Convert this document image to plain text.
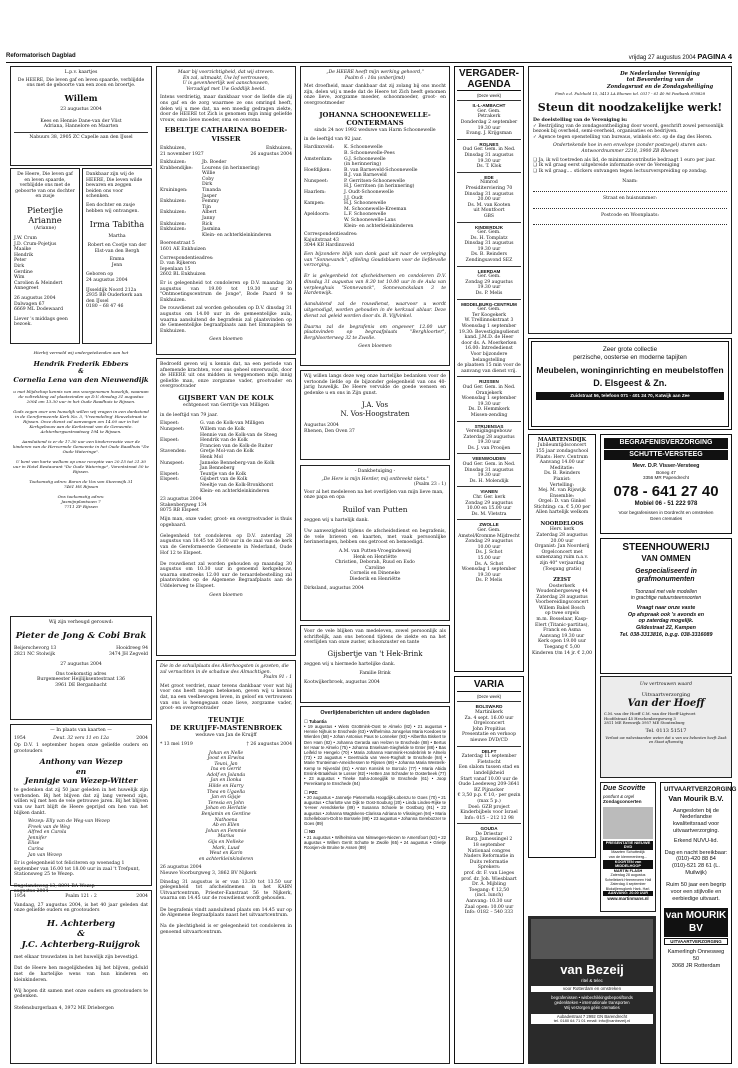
Reformatorisch Dagblad	vrijdag 27 augustus 2004 PAGINA 4
L.p.v. kaartjes
De HEERE, Die leven gaf en leven spaarde, verblijdde ons met de geboorte van een zoon en broertje.
Willem
23 augustus 2004
Kees en Hennie Dane-van der Vlist
Adriana, Hannelore en Maarten
Nabuurs 38, 2905 ZC Capelle aan den IJssel
De Heere, Die leven gaf en leven spaarde, verblijdde ons met de geboorte van ons dochter en zusje
Pieterjie Arianne
(Arianne)
J.W. Crum
J.D. Crum-Pojetjus
Maaike
Hendrik
Peter
Dirk
Gerdine
Wim
Carolien & Meindert
Annegreet
26 augustus 2004
Dalwagen 67
6669 ML Dodewaard
Liever 's middags geen bezoek.
Dankbaar zijn wij de HEERE, Die leven wilde bewaren en zeggen beiden ons voor schenken.
Een dochter en zusje hebben wij ontvangen.
Irma Tabitha
Martha
Robert en Cootje van der Elst-van den Bergh
Emma
Jenn
Geboren op
24 augustus 2004
IJsseldijk Noord 212a
2935 BB Ouderkerk aan den IJssel
0180 – 68 47 46
Hierbij vermeld wij ondergetekenden aan het
Hendrik Frederik Ebbers
&
Cornelia Lena van den Nieuwendijk
u met blijdschap kennis van ons voorgenomen huwelijk, waaraan de voltrekking zal plaatsvinden op D.V. dinsdag 31 augustus 2004 om 13.30 uur in het Oude Raadhuis te Rijssen.

Gods zegen over ons huwelijk willen wij vragen in een dankstond in de Gereformeerde Kerk No. 3, 'Vreemdeling' Heuvelstraat te Rijssen. Onze dienst zal aanvangen om 14.00 uur in het Kerkgebouw aan de Kerkstraat van de Gemeente. Achterbergsestraatweg 194 te Rijssen.

Aansluitend is er de 17.30 uur een kindercreatie voor de kinderen van de Hervormde Gemeente in het Oude Raadhuis "De Oude Wateringe".

U bent van harte welkom op onze receptie van 20.15 tot 21.30 uur in Hotel Restaurant "De Oude Wateringe", Vorentstraat 50 te Rijssen.

Toekomstig adres: Baron de Vos van Steenwijk 31
7461 HS Rijssen

Ons toekomstig adres:
Jasmijnplantsoen 7
7711 ZP Rijssen
Wij zijn verheugd gerouwd:
Pieter de Jong & Cobi Brak
Beijerschevorg 13
2821 NC Stolwijk
Hooidreeg 94
3474 JH Zegveld
27 augustus 2004
Ons toekomstig adres
Burgemeester Heijlijksentestraat 136
3961 DE Berganhacht
— In plaats van kaarten —
1954	Deut. 32 vers 11 en 12a	2004
Op D.V. 1 september hopen onze geliefde ouders en grootouders
Anthony van Wezep
en
Jennigje van Wezep-Witter
te gedenken dat zij 50 jaar geleden in het huwelijk zijn verbonden. Bij het blijven dat zij lang vereend zijn, willen wij met hen de vele getrouwe jaren. Bij het blijven van uw hart blijft de Heere geprijsd om hen van het blijken dankt.
Wezep: Elly van de Weg-van Wezep
Freek van de Weg
Alfred en Carola
Jennifer
Elise
Carina
Jan van Wezep
Er is gelegenheid tot feliciteren op woensdag 1 september van 16.00 tot 18.00 uur in zaal 't Trefpunt, Stationsweg 25 te Wezep.

Engelandsweg 13, 8091 BA Wezep
augustus 2004
1954	Psalm 121 : 2	2004
Vandaag, 27 augustus 2004, is het 40 jaar geleden dat onze geliefde ouders en grootouders
H. Achterberg
&
J.C. Achterberg-Ruijgrok
met elkaar trouwdaten in het huwelijk zijn bevestigd.

Dat de Heere hen mogelijkheden bij het blijven, geduld met de hartelijke wens van hun kinderen en kleinkinderen.

Wij hopen dit samen met onze ouders en grootouders te gedenken.

Stefensburgerlaan 4, 3972 ME Driebergen
Maar bij voorzichtigheid, dat wij streven.
En zal, uitmaakt, Uw lof vertrouwen,
U is gevenheerlijk wel aanschouwen,
Verzadigd met Uw Goddlijk beeld.
Intens verdrietig, maar dankbaar voor de liefde die zij ons gaf en de zorg waarmee ze ons omringd heeft, delen wij u mee dat, na een moedig gedragen ziekte, door de HEERE tot Zich is genomen mijn innig geliefde vrouw, onze lieve moeder, oma en overoma
EBELTJE CATHARINA BOEDER-VISSER
Enkhuizen,
21 november 1927
Enkhuizen,
26 augustus 2004
Enkhuizen:	Jb. Boeder
Krabbendijke:	Lourens (in herinnering)
Willie
Coby
Dirk
Kruiningen:	Tinanda
Jasper
Enkhuizen:	Femmy
Tijn
Enkhuizen:	Albert
Janny
Enkhuizen:	Rick
Enkhuizen:	Jasmina
Klein- en achterkleinkinderen
Boerenstraat 5
1601 AE Enkhuizen
Correspondentieadres:
D. van Rijkeren
Iepenlaan 15
2602 BL Enkhuizen
Er is gelegenheid tot condoleren op D.V. maandag 30 augustus van 19.00 tot 19.30 uur in "Ontmoetingscentrum de Jonge", Bode Paard 9 te Enkhuizen.
De rouwdienst zal worden gehouden op D.V. dinsdag 31 augustus om 14.00 uur in de gemeentelijke aula, waarna aansluitend de begrafenis zal plaatsvinden op de Gemeentelijke begraafplaats aan het Emmaplein te Enkhuizen.
Geen bloemen
Bedroefd geven wij u kennis dat, na een periode van afnemende krachten, voor ons geheel onverwacht, door de HEERE uit ons midden is weggenomen mijn innig geliefde man, onze zorgzame vader, grootvader en overgrootvader
GIJSBERT VAN DE KOLK
echtgenoot van Gerritje van Milligen
in de leeftijd van 79 jaar.
Elspeet:	G. van de Kolk-van Milligen
Nunspeet:	Willem van de Kolk
Hennie van de Kolk-van de Steeg
Elspeet:	Hendrik van de Kolk
Francien van de Kolk-de Ruiter
Stavenden:	Gretje Mol-van de Kolk
Henk Mol
Nunspeet:	Janneke Benneberg-van de Kolk
Jan Benneberg
Elspeet:	Teuntje van de Kolk
Elspeet:	Gijsbert van de Kolk
Neeltje van de Kolk-Bronkhorst
Klein- en achterkleinkinderen
23 augustus 2004
Stakenbergweg 134
8075 RB Elspeet
Mijn man, onze vader, groot- en overgrootvader is thuis opgebaard.

Gelegenheid tot condoleren op D.V. zaterdag 28 augustus van 18.45 tot 20.00 uur in de zaal van de kerk van de Gereformeerde Gemeente in Nederland, Oude Hof 12 te Elspeet.

De rouwdienst zal worden gehouden op maandag 30 augustus om 10.30 uur in genoemd kerkgebouw, waarna omstreeks 12.00 uur de teraardebestelling zal plaatsvinden op de Algemene Begraafplaats aan de Uddelerweg te Elspeet.
Geen bloemen
Die in de schuilplaats des Allerhoogsten is gezeten, die zal vernachten in de schaduw des Almachtigen.
Psalm 91 : 1
Met groot verdriet, maar tevens dankbaar voor wat hij voor ons heeft mogen betekenen, geven wij u kennis dat, na een veelbewogen leven, in geloof en vertrouwen van ons is heengegaan onze lieve, zorgzame vader, groot- en overgrootvader
TEUNTJE
DE KRUIJFF-MASTENBROEK
weduwe van Jan de Kruijff
* 13 mei 1919	† 26 augustus 2004
Johan en Nelle
Joost en Erwina
Teuni, Jan
Ina en Gerrit
Adolf en Jolanda
Jan en Ilonka
Hilde en Harry
Thea en Ugaella
Jan en Gijsje
Teresia en John
Johan en Herlatie
Benjamin en Gerdine
Nathoena
Ab en Ellen
Johan en Femmie
Marius
Gijs en Nelleke
Mark, Luud
Weut en Karin
en achterkleinkinderen
26 augustus 2004
Nieuwe Voorburgweg 3, 3862 BV Nijkerk
Dinsdag 31 augustus is er van 13.30 tot 13.50 uur gelegenheid tot afscheidnemen in het KABN Uitvaartcentrum, Priester-Eanstraat 56 te Nijkerk, waarna om 14.45 uur de rouwdienst wordt gehouden.

De begrafenis vindt aansluitend plaats om 14.45 uur op de Algemene Begraafplaats naast het uitvaartcentrum.

Na de plechtigheid is er gelegenheid tot condoleren in genoemd uitvaartcentrum.
„De HEERE heeft mijn werking gehoord,"
Psalm 6 : 10a (onberijmd)
Met droefheid, maar dankbaar dat zij zolang bij ons mocht zijn, delen wij u mede dat de Heere tot Zich heeft genomen onze lieve, zorgzame moeder, schoonmoeder, groot- en overgrootmoeder
JOHANNA SCHOONEWELLE-CONTERMANS
sinds 24 nov 1992 weduwe van Harm Schoonewelle
in de leeftijd van 92 jaar.
Hardinxveld:	K. Schoonewelle
B. Schoonewelle-Pees
Amsterdam:	G.J. Schoonewelle
(in herinnering)
Hoefdijken:	B. van Barneveld-Schoonewelle
B.J. van Barneveld
Nunspeet:	P. Gerritsen-Schoonewelle
H.J. Gerritsen (in herinnering)
Haarlem:	J. Oudt-Schoonewelle
J.J. Oudt
Kampen:	H.J. Schoonewelle
M. Schoonewelle-Kreeman
Apeldoorn:	L.F. Schoonewelle
W. Schoonewelle-Lans
Klein- en achterkleinkinderen
Correspondentieadres:
Kajuitstraat 43
3044 KB Hardinxveld
Een bijzondere blijk van dank gaat uit naar de verpleging van "Sonnevanck", afdeling Goudsblaem voor de liefdevolle verzorging.

Er is gelegenheid tot afscheidnemen en condoleren D.V. dinsdag 31 augustus van 8.30 tot 10.00 uur in de Aula van verpleeghuis "Sonnevanck", Sonnevanckslaan 3 te Hardenwijk.

Aansluitend zal de rouwdienst, waarvoor u wordt uitgenodigd, worden gehouden in de kerkzaal ablaar. Deze dienst zal geleid worden door ds. B. Vijfvinkel.

Daarna zal de begrafenis om ongeveer 12.00 uur plaatsvinden op begraafplaats "Berghloorter", Berghloorterweg 32 te Zwolle.
Geen bloemen
Wij willen langs deze weg onze hartelijke bedanken voor de vertoonde liefde op de bijzonder gelegenheid van ons 40-jarig huwelijk. De Heere vervulde de goede wensen en gedenke u en ons in Zijn gunst.
J.A. Vos
N. Vos-Hoogstraten
Augustus 2004
Rhenen, Den Oven 37
- Dankbetuiging -
„De Here is mijn Herder, mij ontbreekt niets."
(Psalm 23 : 1)
Voor al het medeleven na het overlijden van mijn lieve man, onze papa en opa
Ruilof van Putten
zeggen wij u hartelijk dank.

Uw aanwezigheid tijdens de afscheidsdienst en begrafenis, de vele brieven en kaarten, met vaak persoonlijke herinneringen, hebben ons getroost en bemoedigd.
A.M. van Putten-Vroegindeweij
Henk en Henriëtte
Christien, Deborah, Ruud en Esdo
Caroline
Cornelis en Dineneke
Diederik en Henriëtte
Dirksland, augustus 2004
Voor de vele blijken van medeleven, zowel persoonlijk als schriftelijk, aan ons betoond tijdens de ziekte en na het overlijden van onze zuster, schoonzuster en tante
Gijsbertje van 't Hek-Brink
zeggen wij u hiermede hartelijke dank.
Familie Brink
Kootwijkerbroek, augustus 2004
Overlijdensberichten uit andere dagbladen
☐ Tubantia
• 19 augustus • Wiets Grottmink-Oost te Almelo (82) • 21 augustus • Hennie Nijhuis te Enschede (63) • Wilhelmina Jonsgelus Maria Koedoes te Wierden (58) • Johan Antonius Paus te Lonneker (93) • Albertha Biskert te Den Ham (82) • Johanna Gerarda van Helzen te Enschede (88) • Bertus ter Haar te Almelo (75) • Johanna Enselsam-Sieghelde te Enter (88) • Bas Leifeld te Hengelo (70) • Maria Johanna Hammink-Hondebrink te Almelo (73) • 22 augustus • Geertruida van Veen-Rogholt te Enschede (84) • Marie Trunteiman-Ameichessen te Rijssen (69) • Johanna Maria Westerik-Kemp te Nijverdal (81) • Anton Konsink te Borculo (77) • Maria Abida Ensink-Braakhuis te Losser (82) • Hetten Jan Schrader te Oosterbeek (77) • 23 augustus • Tineke Saha-Jonegijlik te Enschede (61) • Joop Perenkamp te Enschede (84)
☐ PZC
• 20 augustus • Jannetje Pietermella Hoogdijk-Lobenzu te Goes (70) • 21 augustus • Charlotte van Dijk te Oost-Souburg (20) • Linda Lindes-Rijke te 's-Heer Arendskerke (89) • Susanna Schoele te Oostburg (91) • 22 augustus • Johanna Wagtskens-Clarissa Adriana te Vlissingen (94) • Maria Schelleboom-Dolt te Borssele (88) • 23 augustus • Johanna Gerebozzer te Goes (89)
☐ ND
• 21 augustus • Wilhelmina van Nimwegen-Niezen te Amersfoort (62) • 22 augustus • Willem Gerrit Schutte te Zwolle (65) • 24 augustus • Grietje Roosjen-de Bruine te Assen (89)
VERGADER-
AGENDA
(Deze week)
II.-L-AMBACHT
Ger. Gem.
Petrakerk
Donderdag 2 september
19.30 uur
Evang. J. Krijgsman
ROLNES
Oud Ger. Gem. in Ned.
Dinsdag 31 augustus
19.30 uur
Ds. T. Klok
EDE
Nimrod
Presiditerviering 70
Dinsdag 31 augustus
20.00 uur
Ds. M. van Kooten
uit Montfoort
GBS
KINDERDIJK
Ger. Gem.
Ds. H. Tomplatz
Dinsdag 31 augustus
19.30 uur
Ds. B. Reinders
Zendingsavond SEZ
LEERDAM
Ger. Gem.
Zondag 29 augustus
19.30 uur
Ds. P. Melis
MIDDELBURG-CENTRUM
Ger. Gem.
Ter Koogekerk
W. Trellinnokstraat 3
Woensdag 1 september
19.30: Bevestigingsdienst
kand. J.M.D. de Heer
door ds. A. Moerkerken
16.00: Intrededienst
Voor bijzondere belangstelling
de plaatsen 15 min voor de
aanvang van dienst vrij.
RIJSSEN
Oud Ger. Gem. in Ned.
Oranjekerk
Woensdag 1 september
19.30 uur
Ds. D. Hemmkerk
Missen-zending
STRIJENSAS
Verenigingsgebouw
Zaterdag 28 augustus
19.30 uur
Ds. J. van Prooijen
VEENWOUDEN
Oud Ger. Gem. in Ned.
Dinsdag 31 augustus
19.30 uur
Ds. H. Molendijk
VIANEN
Chr. Ger. kerk
Zondag 29 augustus
10.00 en 15.00 uur
Ds. M. Vletstra
ZWOLLE
Ger. Gem.
Amstel/Kromme Mijdrecht
Zondag 29 augustus
10.00 uur
Ds. J. Schot
15.00 uur
Ds. A. Schot
Woensdag 1 september
19.30 uur
Ds. P. Melis
VARIA
(Deze week)
BOLSWARD
Martinikerk
Za. 4 sept. 16.00 uur
Orgelconcert
John Propitius
Presentatie en verkoop
nieuwe DVD/CD
DELFT
Zaterdag 11 september
Fietstocht
Een slalom tussen stad en landelijkheid
Start vanaf 10.00 uur de Oude Leedeweg 209-3641 BZ Pijnacker
€ 3,50 p.p. € 10,- per gezin (max 5 p.)
Doel: GZB project
Kinderbijbels voor Israel
Info: 015 – 212 12 98
GOUDA
De Driestar
Burg. Jamessingel 2
18 september
Nationaal congres
Naders Reformatie in Duits reformatie
Sprekers:
prof. dr. F. van Lieges
prof. dr. Joh. Wiesblaart
Dr. A. Mijbling
Toegang: € 12,50
(incl. lunch)
Aanvang: 10.30 uur
Zaal open: 10.00 uur
Info: 0182 – 540 333
De Nederlandse Vereniging
tot Bevordering van de
Zondagsrust en de Zondagsheiliging
Fimh e.d. Fulcheld 15, 3413 LA Rhenen tel. 0317 - 61 40 96 Postbank 878828
Steun dit noodzakelijke werk!
De doelstelling van de Vereniging is:
✓ Bestrijding van de zondagsontheiliging door woord, geschrift zowel persoonlijk bezoek bij overheid, semi-overheid, organisaties en bedrijven.
✓ Agence tegen openstelling van bureaus, winkels etc. op de dag des Heren.
Ondertekende hoe in een envelope (zonder postzegel) sturen aan:
Antwoordnummer 2218, 3900 ZB Rhenen
❏ Ja, ik wil toetreden als lid, de minimumcontributie bedraagt 1 euro per jaar.
❏ Ik wil graag eerst uitgebreide informatie over de Vereniging
❏ Ik wil graag.... stickers ontvangen tegen lectuurverspreiding op zondag.
Naam:
Straat en huisnummer:
Postcode en Woonplaats:
Zeer grote collectie
perzische, oosterse en moderne tapijten
Meubelen, woninginrichting en meubelstoffen
D. Elsgeest & Zn.
Zuidstraat 56, telefoon 071 - 401 24 70, Katwijk aan Zee
MAARTENSDIJK
Jubileumtijdsconcert
155 jaar zondagschool
Plaats: Herv. Centrum
Aanvang 14.00 uur
Meditatie:
Ds. B. Reinders
Pianist:
Vertelling:
Mej. M. van Rijswijk
Ensemble:
Orgel: D. van Ginkel
Stichting: ca. € 5,00 per
Allen hartelijk welkom
NOORDELOOS
Herv. kerk
Zaterdag 28 augustus
20.00 uur
Organist: Jan Noorderij
Orgelconcert met samenzang ruim n.a.v.
zijn 40° verjaardag
(Toegang gratis)
ZEIST
Oosterkerk
Woudenbergseweg 44
Zaterdag 28 augustus
Voorbereidingsconcert
Willem Bakel Bosch
op twee orgels
m.m. Bosselaar, Kasp-Elert (Titanic-partitas),
Franck en Asma
Aanvang 19.30 uur
Kerk open 19.00 uur
Toegang € 5,00
Kinderen t/m 14 jr. € 2,00
BEGRAFENISVERZORGING
SCHUTTE-VERSTEEG
Mevr. D.P. Visser-Versteeg
Boneg 47
3356 MR Papendrecht
078 - 641 27 40
Mobiel 06 - 51 222 978
Voor begrafenissen in Dordrecht en omstreken
Geen crematies
STEENHOUWERIJ
VAN OMMEN
Gespecialiseerd in
grafmonumenten
Toonzaal met vele modellen
in grachtige natuursteensoorten
Vraagt naar onze vaste
Op afspraak ook 's avonds en
op zaterdag mogelijk.
Gildestraat 22, Kampen
Tel. 038-3313816, b.g.g. 038-3316089
Uw vertrouwen waard
Uitvaartverzorging
Van der Hoeff
C.M. van der Hoeff C.M. van der Hoeff-Ligtvoet
Hoofdstraat 45 Heschenbergseweg 3
2811 ME Reeuwijk 3957 ME Stoutenburg
Tel. 0113 51517
Verlaat uw nabestaanden weten dat u van uw bebesten heeft Zaak en Staat afkomstig
Due Scovitte
pontfunt & orgel
Zondagconcerten
PRESENTATIE NIEUWE DVD
Maarten Schuttedijk
van de klemmenberg...
KOORTEN van MIDDELHOOP
MARTIN FLASH
Zaterdag 28 augustus
Schellekerk Heerenveen Hall
Zaterdag 4 september
Blokzijlerrugkerk Hark. Harl.
AANVANG: 20.00 UUR
www.martinmans.nl
UITVAARTVERZORGING
Van Mourik B.V.
Aangesloten bij de Nederlandse kwaliteitsraad voor uitvaartverzorging.
Erkend NUVU-lid.
Dag en nacht bereikbaar:
(010)-420 88 84
(010)-521 28 61 (L. Muilwijk)
Ruim 50 jaar een begrip voor een stijlvolle en eerbiedige uitvaart.
van MOURIK BV
UITVAARTVERZORGING
Kamerlingh Onnesweg 50
3068 JR Rotterdam
van Bezeij
ritel & telec
voor Rotterdam en omstreken
begrafenissen • wisbechikkingsbeposiftonds
gedenkteken • internationale transporten
Wij verzorgen géén crematies
Aubadestraat 7 2992 GN Barendrecht
tel. 0180 64 71 01 email: info@vanbezeij.nl
